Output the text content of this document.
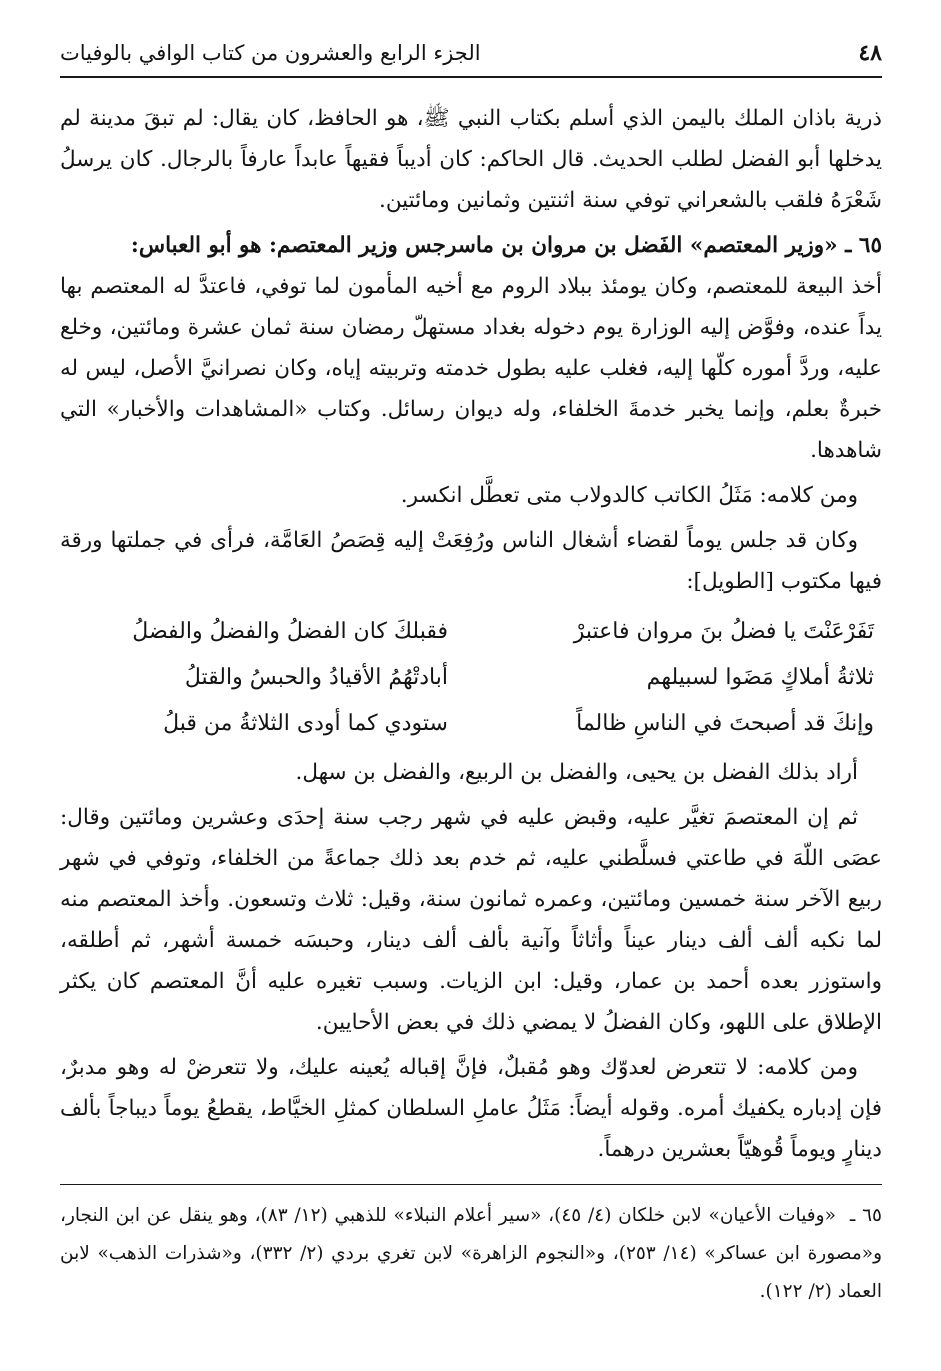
٤٨
الجزء الرابع والعشرون من كتاب الوافي بالوفيات

ذرية باذان الملك باليمن الذي أسلم بكتاب النبي ﷺ، هو الحافظ، كان يقال: لم تبقَ مدينة لم يدخلها أبو الفضل لطلب الحديث. قال الحاكم: كان أديباً فقيهاً عابداً عارفاً بالرجال. كان يرسلُ شَعْرَهُ فلقب بالشعراني توفي سنة اثنتين وثمانين ومائتين.

٦٥ ـ «وزير المعتصم» الفَضل بن مروان بن ماسرجس وزير المعتصم: هو أبو العباس:
أخذ البيعة للمعتصم، وكان يومئذ ببلاد الروم مع أخيه المأمون لما توفي، فاعتدَّ له المعتصم بها يداً عنده، وفوَّض إليه الوزارة يوم دخوله بغداد مستهلّ رمضان سنة ثمان عشرة ومائتين، وخلع عليه، وردَّ أموره كلّها إليه، فغلب عليه بطول خدمته وتربيته إياه، وكان نصرانيَّ الأصل، ليس له خبرةٌ بعلم، وإنما يخبر خدمةَ الخلفاء، وله ديوان رسائل. وكتاب «المشاهدات والأخبار» التي شاهدها.

ومن كلامه: مَثَلُ الكاتب كالدولاب متى تعطَّل انكسر.

وكان قد جلس يوماً لقضاء أشغال الناس ورُفِعَتْ إليه قِصَصُ العَامَّة، فرأى في جملتها ورقة فيها مكتوب [الطويل]:

تَفَرْعَنْتَ يا فضلُ بنَ مروان فاعتبرْ
فقبلكَ كان الفضلُ والفضلُ والفضلُ
ثلاثةُ أملاكٍ مَضَوا لسبيلهم
أبادتْهُمُ الأقيادُ والحبسُ والقتلُ
وإنكَ قد أصبحتَ في الناسِ ظالماً
ستودي كما أودى الثلاثةُ من قبلُ

أراد بذلك الفضل بن يحيى، والفضل بن الربيع، والفضل بن سهل.

ثم إن المعتصمَ تغيَّر عليه، وقبض عليه في شهر رجب سنة إحدَى وعشرين ومائتين وقال: عصَى اللّهَ في طاعتي فسلَّطني عليه، ثم خدم بعد ذلك جماعةً من الخلفاء، وتوفي في شهر ربيع الآخر سنة خمسين ومائتين، وعمره ثمانون سنة، وقيل: ثلاث وتسعون. وأخذ المعتصم منه لما نكبه ألف ألف دينار عيناً وأثاثاً وآنية بألف ألف دينار، وحبسَه خمسة أشهر، ثم أطلقه، واستوزر بعده أحمد بن عمار، وقيل: ابن الزيات. وسبب تغيره عليه أنَّ المعتصم كان يكثر الإطلاق على اللهو، وكان الفضلُ لا يمضي ذلك في بعض الأحايين.

ومن كلامه: لا تتعرض لعدوّك وهو مُقبلٌ، فإنَّ إقباله يُعينه عليك، ولا تتعرضْ له وهو مدبرٌ، فإن إدباره يكفيك أمره. وقوله أيضاً: مَثَلُ عاملِ السلطان كمثلِ الخيَّاط، يقطعُ يوماً ديباجاً بألف دينارٍ ويوماً قُوهيّاً بعشرين درهماً.

٦٥ ـ«وفيات الأعيان» لابن خلكان (٤/ ٤٥)، «سير أعلام النبلاء» للذهبي (١٢/ ٨٣)، وهو ينقل عن ابن النجار، و«مصورة ابن عساكر» (١٤/ ٢٥٣)، و«النجوم الزاهرة» لابن تغري بردي (٢/ ٣٣٢)، و«شذرات الذهب» لابن العماد (٢/ ١٢٢).
